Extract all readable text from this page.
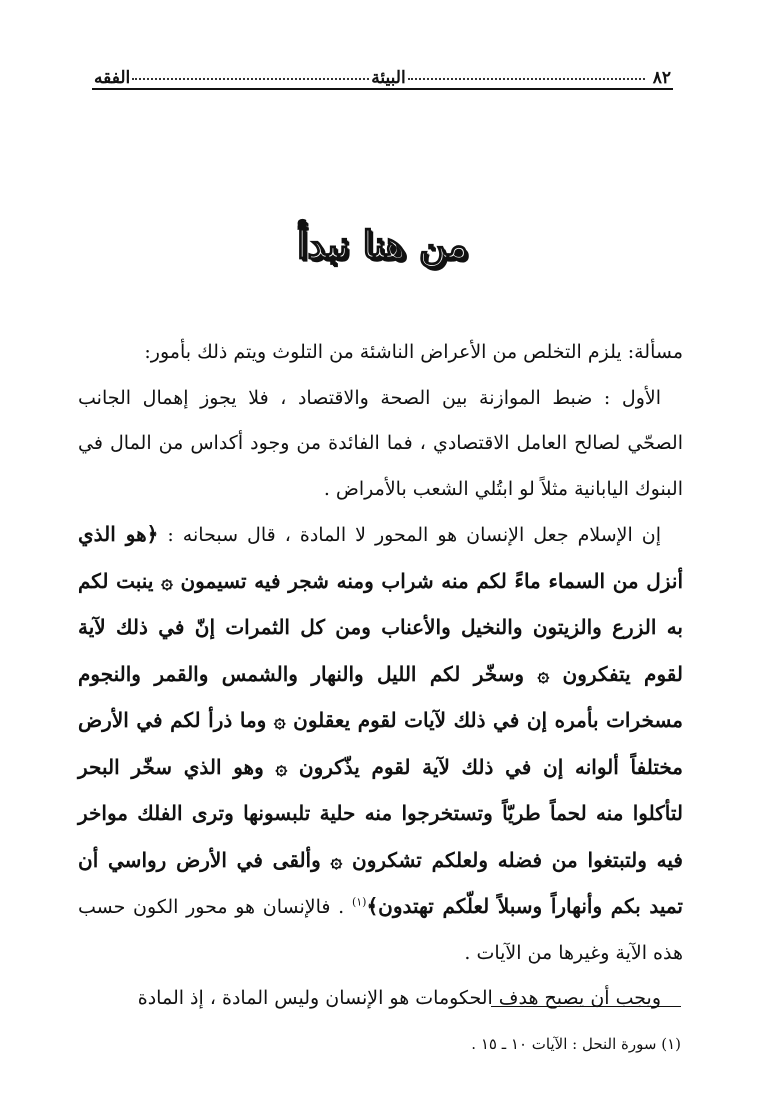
٨٢
البيئة
الفقه
من هنا نبدأ

مسألة: يلزم التخلص من الأعراض الناشئة من التلوث ويتم ذلك بأمور:

الأول : ضبط الموازنة بين الصحة والاقتصاد ، فلا يجوز إهمال الجانب الصحّي لصالح العامل الاقتصادي ، فما الفائدة من وجود أكداس من المال في البنوك اليابانية مثلاً لو ابتُلي الشعب بالأمراض .

إن الإسلام جعل الإنسان هو المحور لا المادة ، قال سبحانه : ﴿هو الذي أنزل من السماء ماءً لكم منه شراب ومنه شجر فيه تسيمون ۞ ينبت لكم به الزرع والزيتون والنخيل والأعناب ومن كل الثمرات إنّ في ذلك لآية لقوم يتفكرون ۞ وسخّر لكم الليل والنهار والشمس والقمر والنجوم مسخرات بأمره إن في ذلك لآيات لقوم يعقلون ۞ وما ذرأ لكم في الأرض مختلفاً ألوانه إن في ذلك لآية لقوم يذّكرون ۞ وهو الذي سخّر البحر لتأكلوا منه لحماً طريّاً وتستخرجوا منه حلية تلبسونها وترى الفلك مواخر فيه ولتبتغوا من فضله ولعلكم تشكرون ۞ وألقى في الأرض رواسي أن تميد بكم وأنهاراً وسبلاً لعلّكم تهتدون﴾$^{(١)}$ . فالإنسان هو محور الكون حسب هذه الآية وغيرها من الآيات .

ويجب أن يصبح هدف الحكومات هو الإنسان وليس المادة ، إذ المادة

(١) سورة النحل : الآيات ١٠ ـ ١٥ .
